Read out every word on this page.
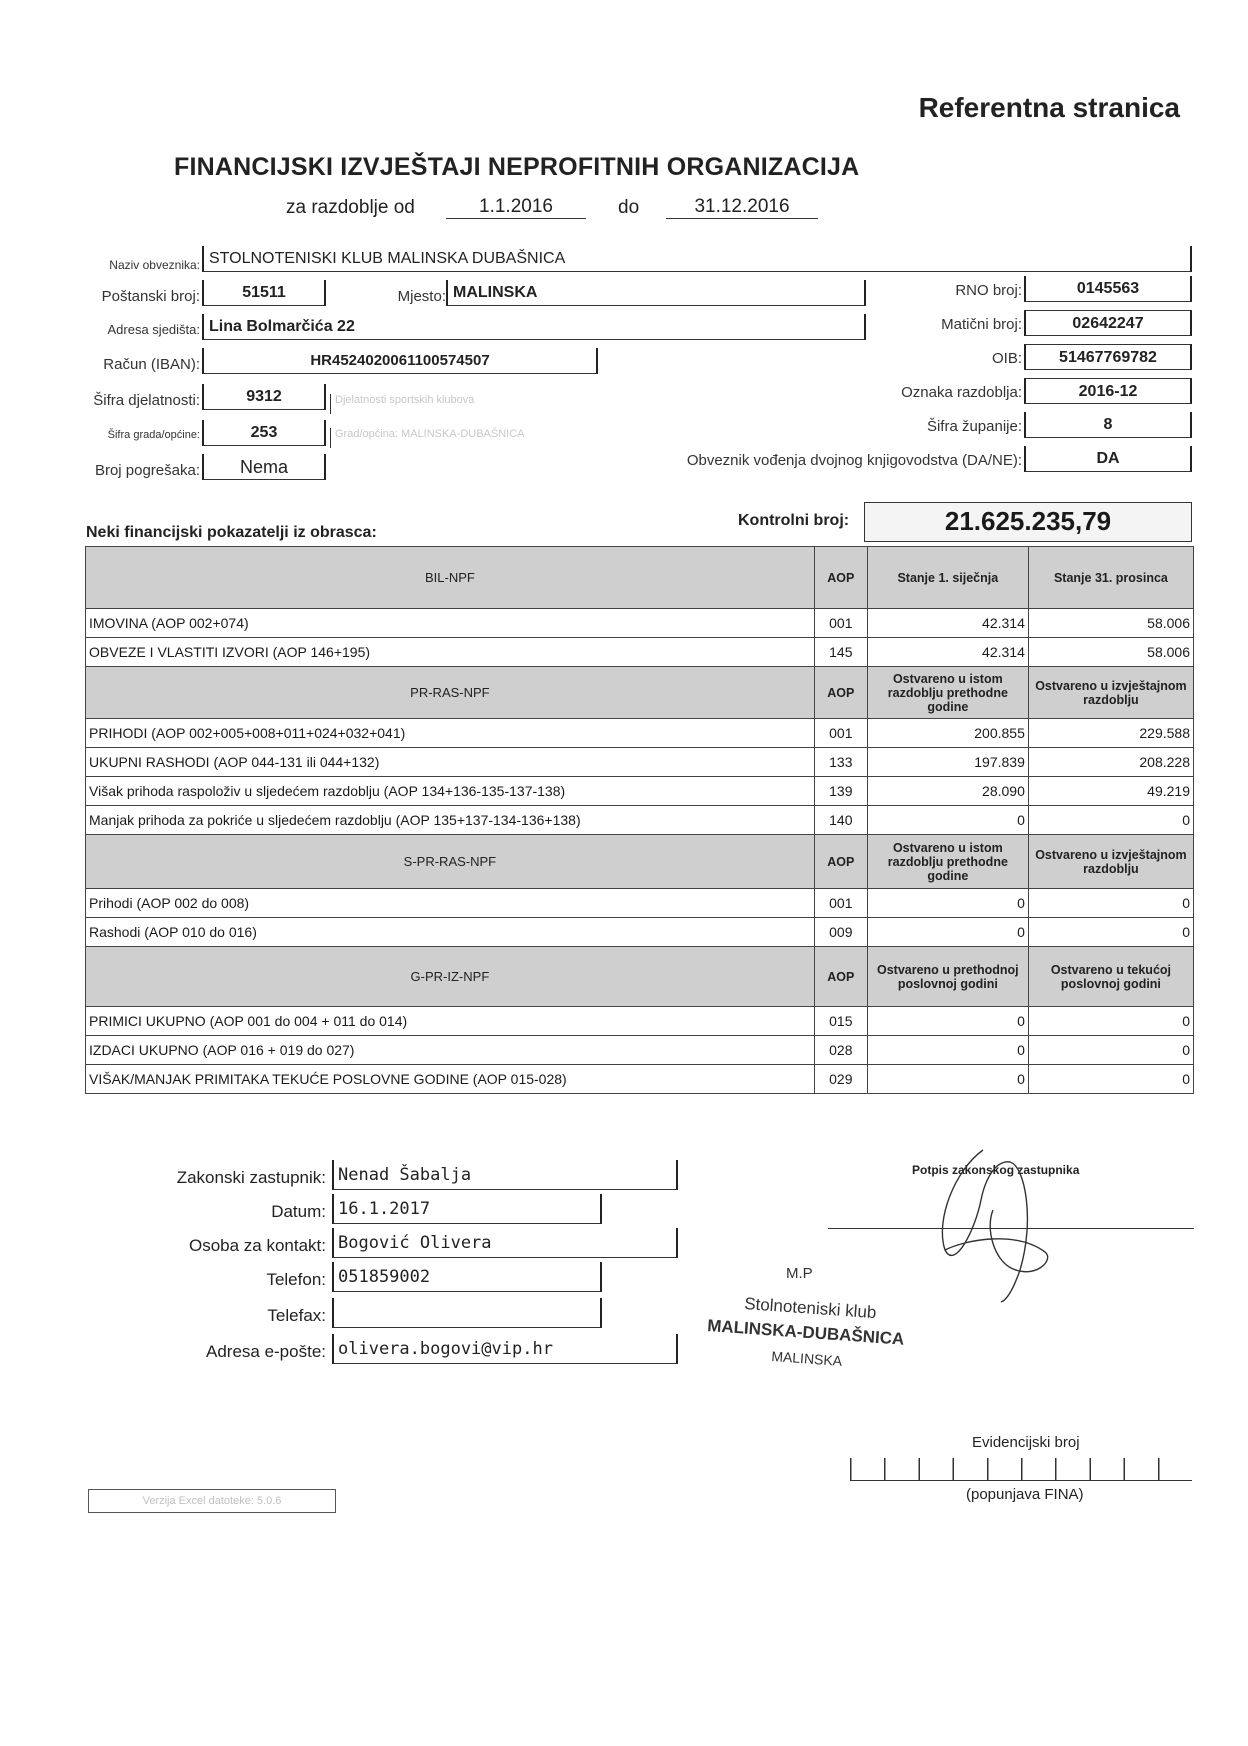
Referentna stranica
FINANCIJSKI IZVJEŠTAJI NEPROFITNIH ORGANIZACIJA
za razdoblje od	1.1.2016	do	31.12.2016
Naziv obveznika: STOLNOTENISKI KLUB MALINSKA DUBAŠNICA
Poštanski broj:	51511	Mjesto: MALINSKA
Adresa sjedišta: Lina Bolmarčića 22
Račun (IBAN):	HR4524020061100574507
Šifra djelatnosti:	9312	Djelatnosti sportskih klubova
Šifra grada/općine:	253	Grad/općina: MALINSKA-DUBAŠNICA
Broj pogrešaka:	Nema
RNO broj:	0145563
Matični broj:	02642247
OIB:	51467769782
Oznaka razdoblja:	2016-12
Šifra županije:	8
Obveznik vođenja dvojnog knjigovodstva (DA/NE):	DA
Neki financijski pokazatelji iz obrasca:
Kontrolni broj:	21.625.235,79
BIL-NPF	AOP	Stanje 1. siječnja	Stanje 31. prosinca
IMOVINA (AOP 002+074)	001	42.314	58.006
OBVEZE I VLASTITI IZVORI (AOP 146+195)	145	42.314	58.006
PR-RAS-NPF	AOP	Ostvareno u istom razdoblju prethodne godine	Ostvareno u izvještajnom razdoblju
PRIHODI (AOP 002+005+008+011+024+032+041)	001	200.855	229.588
UKUPNI RASHODI (AOP 044-131 ili 044+132)	133	197.839	208.228
Višak prihoda raspoloživ u sljedećem razdoblju (AOP 134+136-135-137-138)	139	28.090	49.219
Manjak prihoda za pokriće u sljedećem razdoblju (AOP 135+137-134-136+138)	140	0	0
S-PR-RAS-NPF	AOP	Ostvareno u istom razdoblju prethodne godine	Ostvareno u izvještajnom razdoblju
Prihodi (AOP 002 do 008)	001	0	0
Rashodi (AOP 010 do 016)	009	0	0
G-PR-IZ-NPF	AOP	Ostvareno u prethodnoj poslovnoj godini	Ostvareno u tekućoj poslovnoj godini
PRIMICI UKUPNO (AOP 001 do 004 + 011 do 014)	015	0	0
IZDACI UKUPNO (AOP 016 + 019 do 027)	028	0	0
VIŠAK/MANJAK PRIMITAKA TEKUĆE POSLOVNE GODINE (AOP 015-028)	029	0	0
Zakonski zastupnik: Nenad Šabalja
Datum: 16.1.2017
Osoba za kontakt: Bogović Olivera
Telefon: 051859002
Telefax:
Adresa e-pošte: olivera.bogovi@vip.hr
Potpis zakonskog zastupnika
M.P
Stolnoteniski klub
MALINSKA-DUBAŠNICA
MALINSKA
Evidencijski broj
(popunjava FINA)
Verzija Excel datoteke: 5.0.6
